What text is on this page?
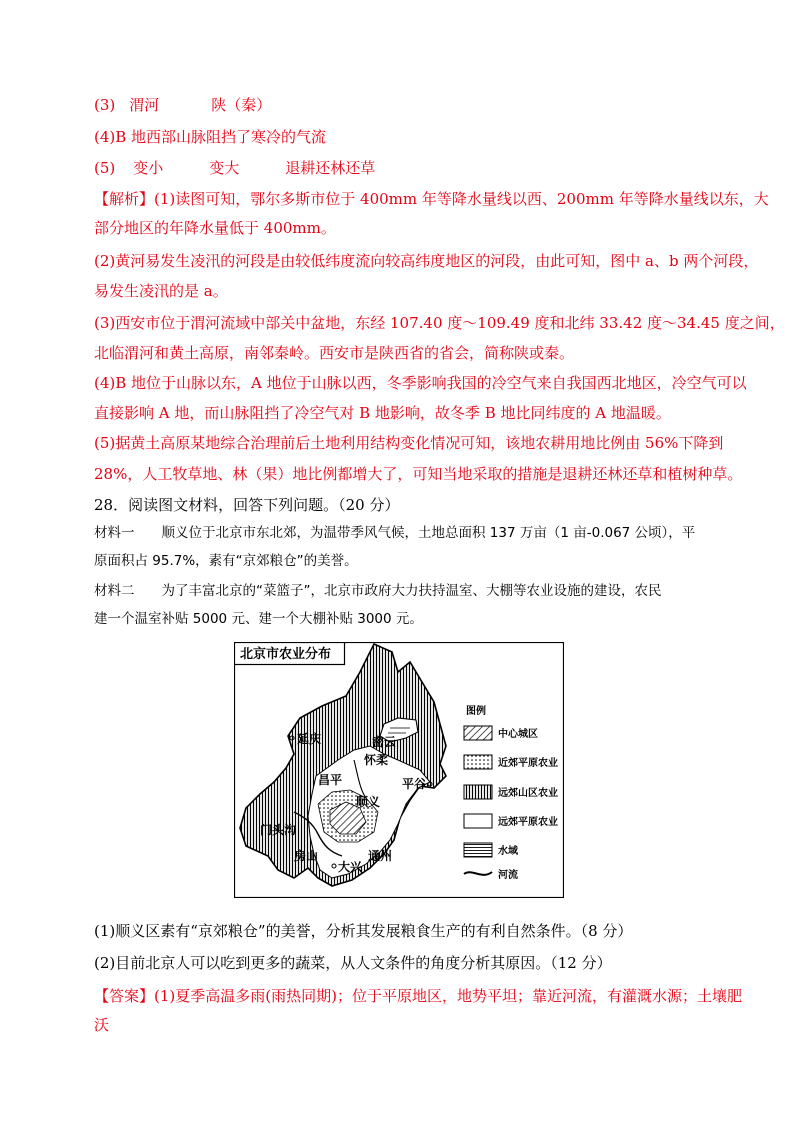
(3) 渭河	陕（秦）
(4)B 地西部山脉阻挡了寒冷的气流
(5) 变小	变大	退耕还林还草
【解析】(1)读图可知，鄂尔多斯市位于 400mm 年等降水量线以西、200mm 年等降水量线以东，大
部分地区的年降水量低于 400mm。
(2)黄河易发生凌汛的河段是由较低纬度流向较高纬度地区的河段，由此可知，图中 a、b 两个河段，
易发生凌汛的是 a。
(3)西安市位于渭河流域中部关中盆地，东经 107.40 度～109.49 度和北纬 33.42 度～34.45 度之间，
北临渭河和黄土高原，南邻秦岭。西安市是陕西省的省会，简称陕或秦。
(4)B 地位于山脉以东，A 地位于山脉以西，冬季影响我国的冷空气来自我国西北地区，冷空气可以
直接影响 A 地，而山脉阻挡了冷空气对 B 地影响，故冬季 B 地比同纬度的 A 地温暖。
(5)据黄土高原某地综合治理前后土地利用结构变化情况可知，该地农耕用地比例由 56%下降到
28%，人工牧草地、林（果）地比例都增大了，可知当地采取的措施是退耕还林还草和植树种草。
28．阅读图文材料，回答下列问题。（20 分）
材料一　　顺义位于北京市东北郊，为温带季风气候，土地总面积 137 万亩（1 亩-0.067 公顷），平
原面积占 95.7%，素有“京郊粮仓”的美誉。
材料二　　为了丰富北京的“菜篮子”，北京市政府大力扶持温室、大棚等农业设施的建设，农民
建一个温室补贴 5000 元、建一个大棚补贴 3000 元。
北京市农业分布
延庆	密云
怀柔
昌平	平谷
顺义
门头沟
房山	通州
大兴
图例
中心城区
近郊平原农业
远郊山区农业
远郊平原农业
水域
河流
(1)顺义区素有“京郊粮仓”的美誉，分析其发展粮食生产的有利自然条件。（8 分）
(2)目前北京人可以吃到更多的蔬菜，从人文条件的角度分析其原因。（12 分）
【答案】(1)夏季高温多雨(雨热同期)；位于平原地区，地势平坦；靠近河流，有灌溉水源；土壤肥
沃
